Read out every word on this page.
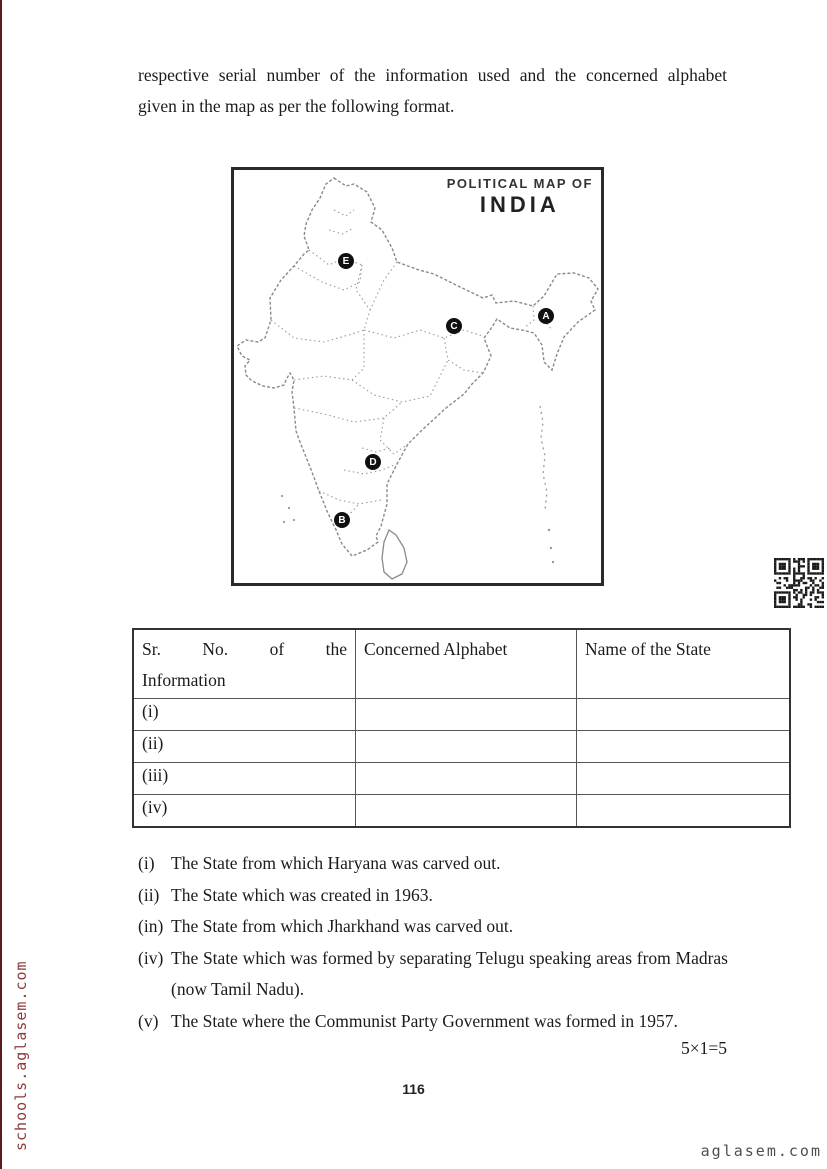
respective serial number of the information used and the concerned alphabet
given in the map as per the following format.
POLITICAL MAP OF
INDIA
A
B
C
D
E
Sr. No. of the
Information	Concerned Alphabet	Name of the State
(i)		
(ii)		
(iii)		
(iv)		
(i) The State from which Haryana was carved out.
(ii) The State which was created in 1963.
(in) The State from which Jharkhand was carved out.
(iv) The State which was formed by separating Telugu speaking areas from Madras (now Tamil Nadu).
(v) The State where the Communist Party Government was formed in 1957.
5×1=5
116
schools.aglasem.com	aglasem.com
